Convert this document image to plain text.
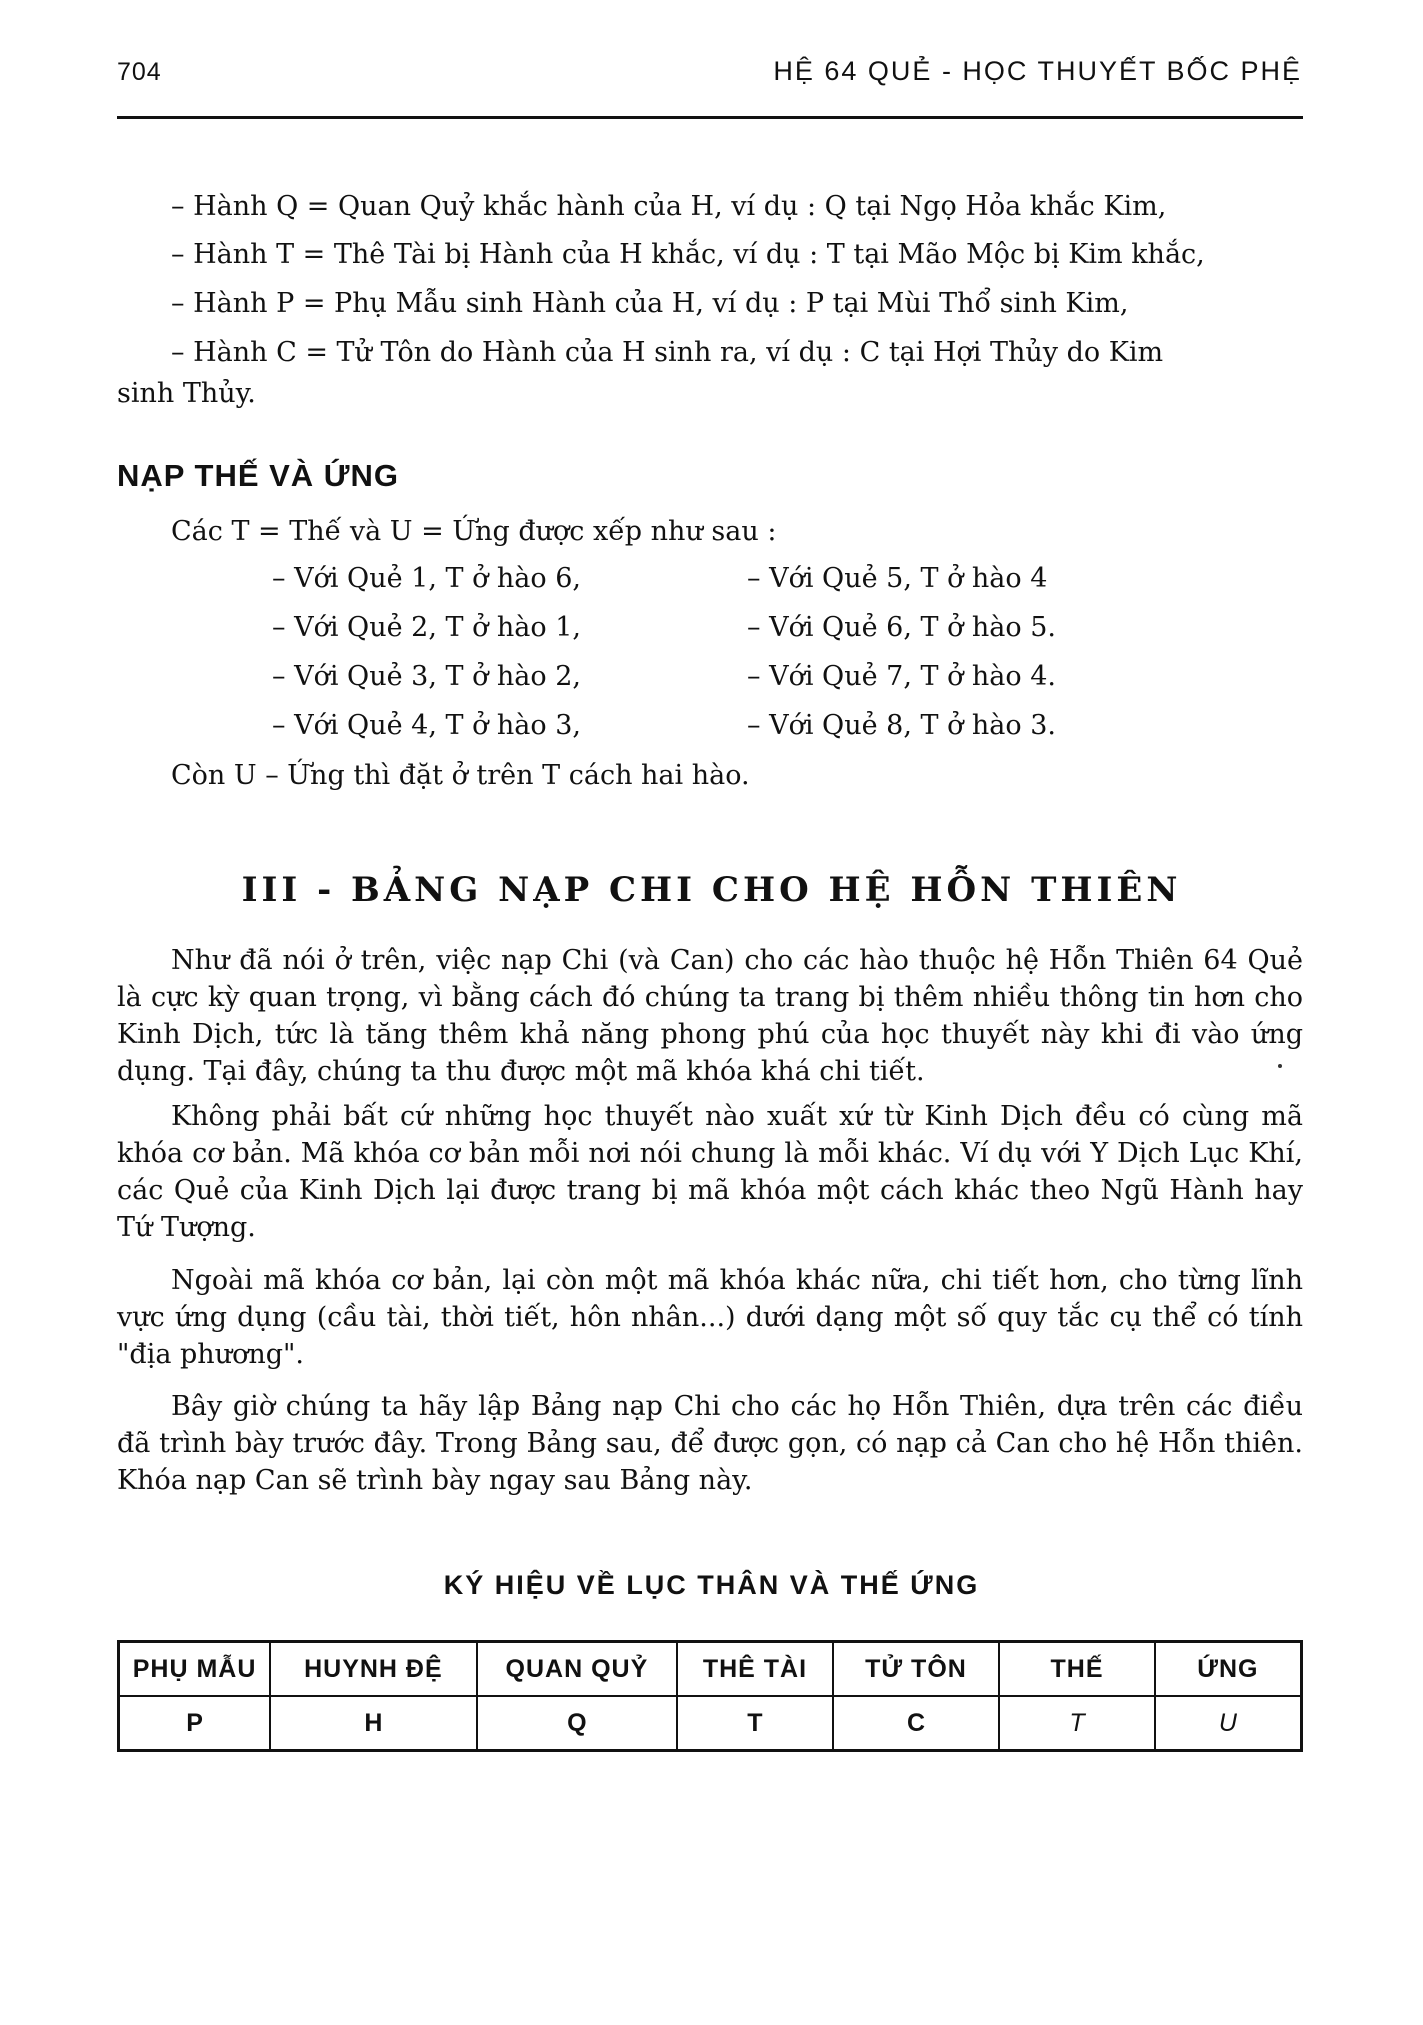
704	HỆ 64 QUẺ - HỌC THUYẾT BỐC PHỆ
– Hành Q = Quan Quỷ khắc hành của H, ví dụ : Q tại Ngọ Hỏa khắc Kim,
– Hành T = Thê Tài bị Hành của H khắc, ví dụ : T tại Mão Mộc bị Kim khắc,
– Hành P = Phụ Mẫu sinh Hành của H, ví dụ : P tại Mùi Thổ sinh Kim,
– Hành C = Tử Tôn do Hành của H sinh ra, ví dụ : C tại Hợi Thủy do Kim
sinh Thủy.
NẠP THẾ VÀ ỨNG
Các T = Thế và U = Ứng được xếp như sau :
– Với Quẻ 1, T ở hào 6,
– Với Quẻ 2, T ở hào 1,
– Với Quẻ 3, T ở hào 2,
– Với Quẻ 4, T ở hào 3,
– Với Quẻ 5, T ở hào 4
– Với Quẻ 6, T ở hào 5.
– Với Quẻ 7, T ở hào 4.
– Với Quẻ 8, T ở hào 3.
Còn U – Ứng thì đặt ở trên T cách hai hào.
III - BẢNG NẠP CHI CHO HỆ HỖN THIÊN
Như đã nói ở trên, việc nạp Chi (và Can) cho các hào thuộc hệ Hỗn Thiên 64 Quẻ là cực kỳ quan trọng, vì bằng cách đó chúng ta trang bị thêm nhiều thông tin hơn cho Kinh Dịch, tức là tăng thêm khả năng phong phú của học thuyết này khi đi vào ứng dụng. Tại đây, chúng ta thu được một mã khóa khá chi tiết.
Không phải bất cứ những học thuyết nào xuất xứ từ Kinh Dịch đều có cùng mã khóa cơ bản. Mã khóa cơ bản mỗi nơi nói chung là mỗi khác. Ví dụ với Y Dịch Lục Khí, các Quẻ của Kinh Dịch lại được trang bị mã khóa một cách khác theo Ngũ Hành hay Tứ Tượng.
Ngoài mã khóa cơ bản, lại còn một mã khóa khác nữa, chi tiết hơn, cho từng lĩnh vực ứng dụng (cầu tài, thời tiết, hôn nhân...) dưới dạng một số quy tắc cụ thể có tính "địa phương".
Bây giờ chúng ta hãy lập Bảng nạp Chi cho các họ Hỗn Thiên, dựa trên các điều đã trình bày trước đây. Trong Bảng sau, để được gọn, có nạp cả Can cho hệ Hỗn thiên. Khóa nạp Can sẽ trình bày ngay sau Bảng này.
KÝ HIỆU VỀ LỤC THÂN VÀ THẾ ỨNG
PHỤ MẪU	HUYNH ĐỆ	QUAN QUỶ	THÊ TÀI	TỬ TÔN	THẾ	ỨNG
P	H	Q	T	C	T	U
